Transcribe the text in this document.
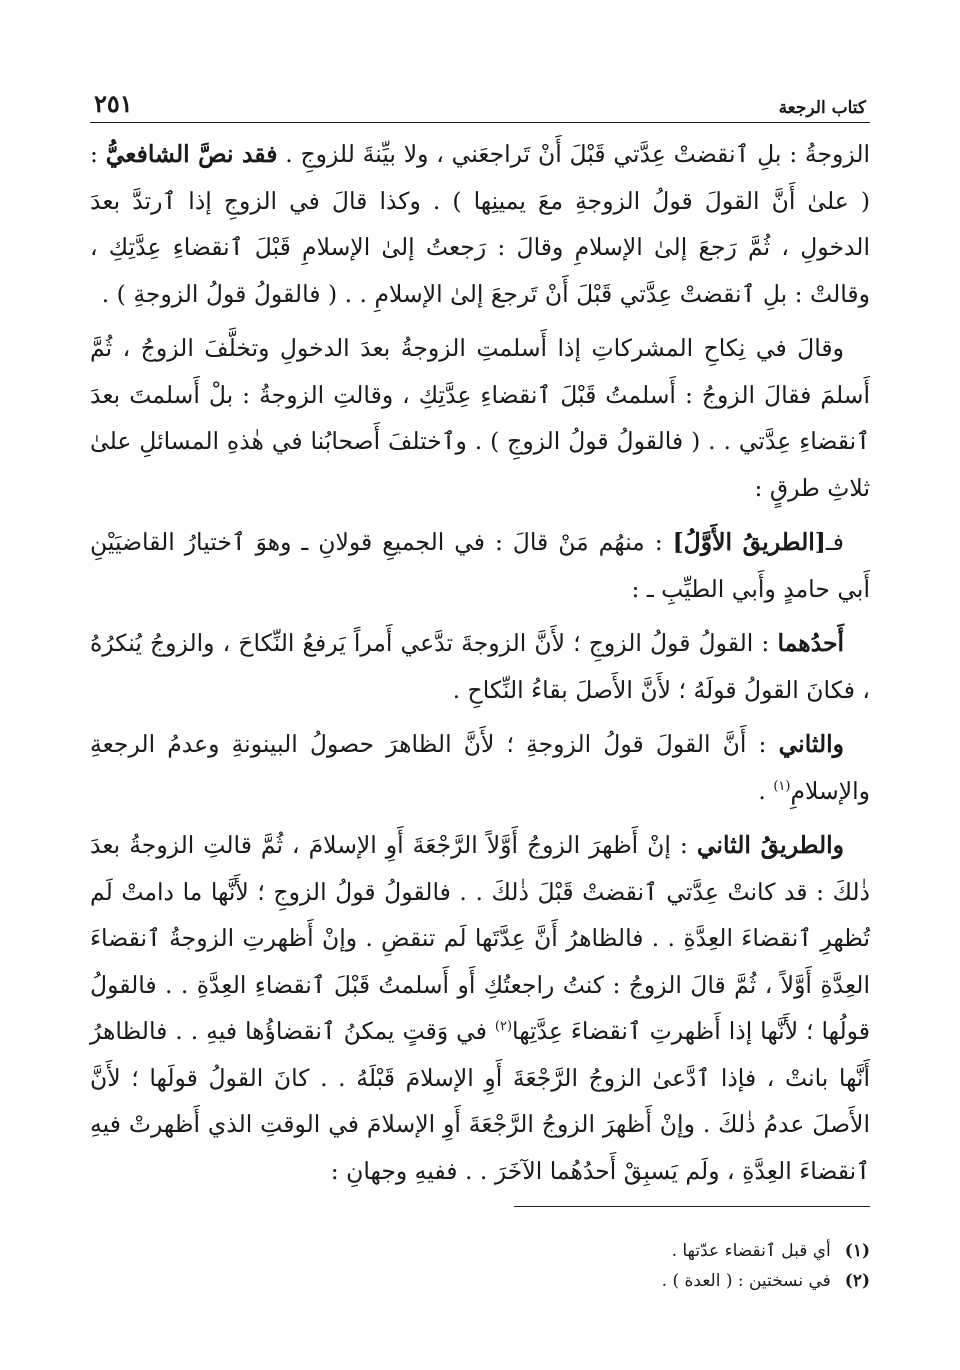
كتاب الرجعة
٢٥١

الزوجةُ : بلِ ٱنقضتْ عِدَّتي قَبْلَ أَنْ تَراجعَني ، ولا بيِّنةَ للزوجِ . فقد نصَّ الشافعيُّ : ( علىٰ أَنَّ القولَ قولُ الزوجةِ معَ يمينِها ) . وكذا قالَ في الزوجِ إذا ٱرتدَّ بعدَ الدخولِ ، ثُمَّ رَجعَ إلىٰ الإسلامِ وقالَ : رَجعتُ إلىٰ الإسلامِ قَبْلَ ٱنقضاءِ عِدَّتِكِ ، وقالتْ : بلِ ٱنقضتْ عِدَّتي قَبْلَ أَنْ تَرجعَ إلىٰ الإسلامِ . . ( فالقولُ قولُ الزوجةِ ) .

وقالَ في نِكاحِ المشركاتِ إذا أَسلمتِ الزوجةُ بعدَ الدخولِ وتخلَّفَ الزوجُ ، ثُمَّ أَسلمَ فقالَ الزوجُ : أَسلمتُ قَبْلَ ٱنقضاءِ عِدَّتِكِ ، وقالتِ الزوجةُ : بلْ أَسلمتَ بعدَ ٱنقضاءِ عِدَّتي . . ( فالقولُ قولُ الزوجِ ) . وٱختلفَ أَصحابُنا في هٰذهِ المسائلِ علىٰ ثلاثِ طرقٍ :

فـ[الطريقُ الأَوَّلُ] : منهُم مَنْ قالَ : في الجميعِ قولانِ ـ وهوَ ٱختيارُ القاضيَيْنِ أَبي حامدٍ وأَبي الطيِّبِ ـ :

أَحدُهما : القولُ قولُ الزوجِ ؛ لأَنَّ الزوجةَ تدَّعي أَمراً يَرفعُ النِّكاحَ ، والزوجُ يُنكرُهُ ، فكانَ القولُ قولَهُ ؛ لأَنَّ الأَصلَ بقاءُ النِّكاحِ .

والثاني : أَنَّ القولَ قولُ الزوجةِ ؛ لأَنَّ الظاهرَ حصولُ البينونةِ وعدمُ الرجعةِ والإسلامِ$^{(١)}$ .

والطريقُ الثاني : إنْ أَظهرَ الزوجُ أَوَّلاً الرَّجْعَةَ أَوِ الإسلامَ ، ثُمَّ قالتِ الزوجةُ بعدَ ذٰلكَ : قد كانتْ عِدَّتي ٱنقضتْ قَبْلَ ذٰلكَ . . فالقولُ قولُ الزوجِ ؛ لأَنَّها ما دامتْ لَم تُظهرِ ٱنقضاءَ العِدَّةِ . . فالظاهرُ أَنَّ عِدَّتَها لَم تنقضِ . وإنْ أَظهرتِ الزوجةُ ٱنقضاءَ العِدَّةِ أَوَّلاً ، ثُمَّ قالَ الزوجُ : كنتُ راجعتُكِ أَو أَسلمتُ قَبْلَ ٱنقضاءِ العِدَّةِ . . فالقولُ قولُها ؛ لأَنَّها إذا أَظهرتِ ٱنقضاءَ عِدَّتِها$^{(٢)}$ في وَقتٍ يمكنُ ٱنقضاؤُها فيهِ . . فالظاهرُ أَنَّها بانتْ ، فإذا ٱدَّعىٰ الزوجُ الرَّجْعَةَ أَوِ الإسلامَ قَبْلَهُ . . كانَ القولُ قولَها ؛ لأَنَّ الأَصلَ عدمُ ذٰلكَ . وإنْ أَظهرَ الزوجُ الرَّجْعَةَ أَوِ الإسلامَ في الوقتِ الذي أَظهرتْ فيهِ ٱنقضاءَ العِدَّةِ ، ولَم يَسبِقْ أَحدُهُما الآخَرَ . . ففيهِ وجهانِ :

(١)
أي قبل ٱنقضاء عدّتها .
(٢)
في نسختين : ( العدة ) .
